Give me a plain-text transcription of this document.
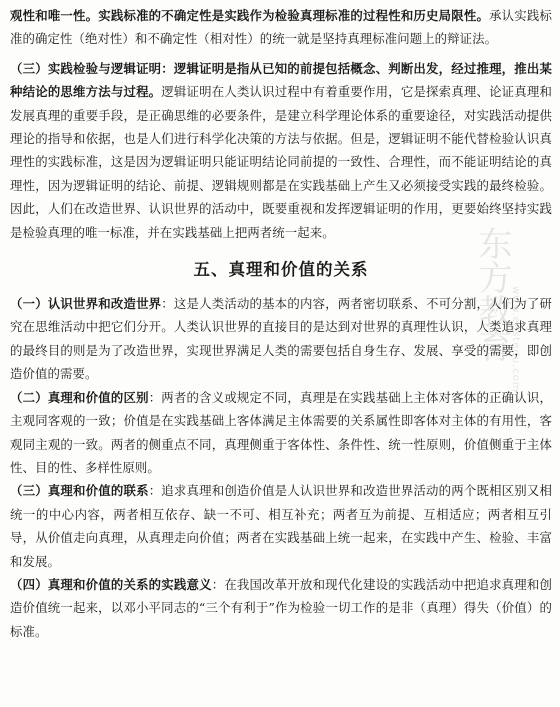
观性和唯一性。实践标准的不确定性是实践作为检验真理标准的过程性和历史局限性。承认实践标准的确定性（绝对性）和不确定性（相对性）的统一就是坚持真理标准问题上的辩证法。

（三）实践检验与逻辑证明：逻辑证明是指从已知的前提包括概念、判断出发，经过推理，推出某种结论的思维方法与过程。逻辑证明在人类认识过程中有着重要作用，它是探索真理、论证真理和发展真理的重要手段，是正确思维的必要条件，是建立科学理论体系的重要途径，对实践活动提供理论的指导和依据，也是人们进行科学化决策的方法与依据。但是，逻辑证明不能代替检验认识真理性的实践标准，这是因为逻辑证明只能证明结论同前提的一致性、合理性，而不能证明结论的真理性，因为逻辑证明的结论、前提、逻辑规则都是在实践基础上产生又必须接受实践的最终检验。因此，人们在改造世界、认识世界的活动中，既要重视和发挥逻辑证明的作用，更要始终坚持实践是检验真理的唯一标准，并在实践基础上把两者统一起来。

五、真理和价值的关系

（一）认识世界和改造世界：这是人类活动的基本的内容，两者密切联系、不可分割，人们为了研究在思维活动中把它们分开。人类认识世界的直接目的是达到对世界的真理性认识，人类追求真理的最终目的则是为了改造世界，实现世界满足人类的需要包括自身生存、发展、享受的需要，即创造价值的需要。

（二）真理和价值的区别：两者的含义或规定不同，真理是在实践基础上主体对客体的正确认识，主观同客观的一致；价值是在实践基础上客体满足主体需要的关系属性即客体对主体的有用性，客观同主观的一致。两者的侧重点不同，真理侧重于客体性、条件性、统一性原则，价值侧重于主体性、目的性、多样性原则。

（三）真理和价值的联系：追求真理和创造价值是人认识世界和改造世界活动的两个既相区别又相统一的中心内容，两者相互依存、缺一不可、相互补充；两者互为前提、互相适应；两者相互引导，从价值走向真理，从真理走向价值；两者在实践基础上统一起来，在实践中产生、检验、丰富和发展。

（四）真理和价值的关系的实践意义：在我国改革开放和现代化建设的实践活动中把追求真理和创造价值统一起来，以邓小平同志的“三个有利于”作为检验一切工作的是非（真理）得失（价值）的标准。

东方教育
www.eastedu.com
